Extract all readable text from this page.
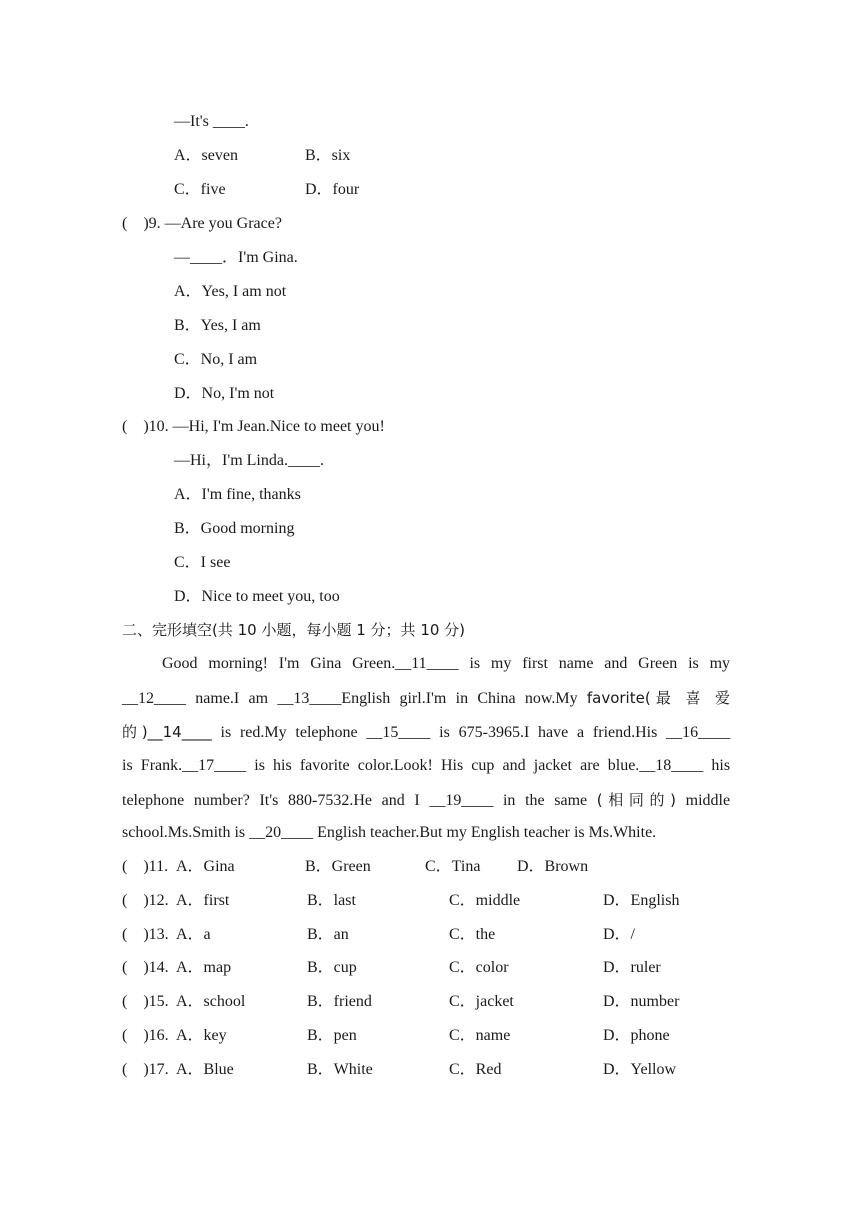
—It's ____.
A．seven	B．six
C．five	D．four
(    )9. —Are you Grace?
—____．I'm Gina.
A．Yes, I am not
B．Yes, I am
C．No, I am
D．No, I'm not
(    )10. —Hi, I'm Jean.Nice to meet you!
—Hi，I'm Linda.____.
A．I'm fine, thanks
B．Good morning
C．I see
D．Nice to meet you, too
二、完形填空(共 10 小题，每小题 1 分；共 10 分)
Good morning! I'm Gina Green.__11____ is my first name and Green is my
__12____ name.I am __13____English girl.I'm in China now.My favorite(最 喜 爱
的)__14____ is red.My telephone __15____ is 675-3965.I have a friend.His __16____
is Frank.__17____ is his favorite color.Look! His cup and jacket are blue.__18____ his
telephone number? It's 880-7532.He and I __19____ in the same (相同的) middle
school.Ms.Smith is __20____ English teacher.But my English teacher is Ms.White.
(    )11. A．Gina	B．Green	C．Tina D．Brown
(    )12. A．first	B．last	C．middle	D．English
(    )13. A．a	B．an	C．the	D．/
(    )14. A．map	B．cup	C．color	D．ruler
(    )15. A．school	B．friend	C．jacket	D．number
(    )16. A．key	B．pen	C．name	D．phone
(    )17. A．Blue	B．White	C．Red	D．Yellow
